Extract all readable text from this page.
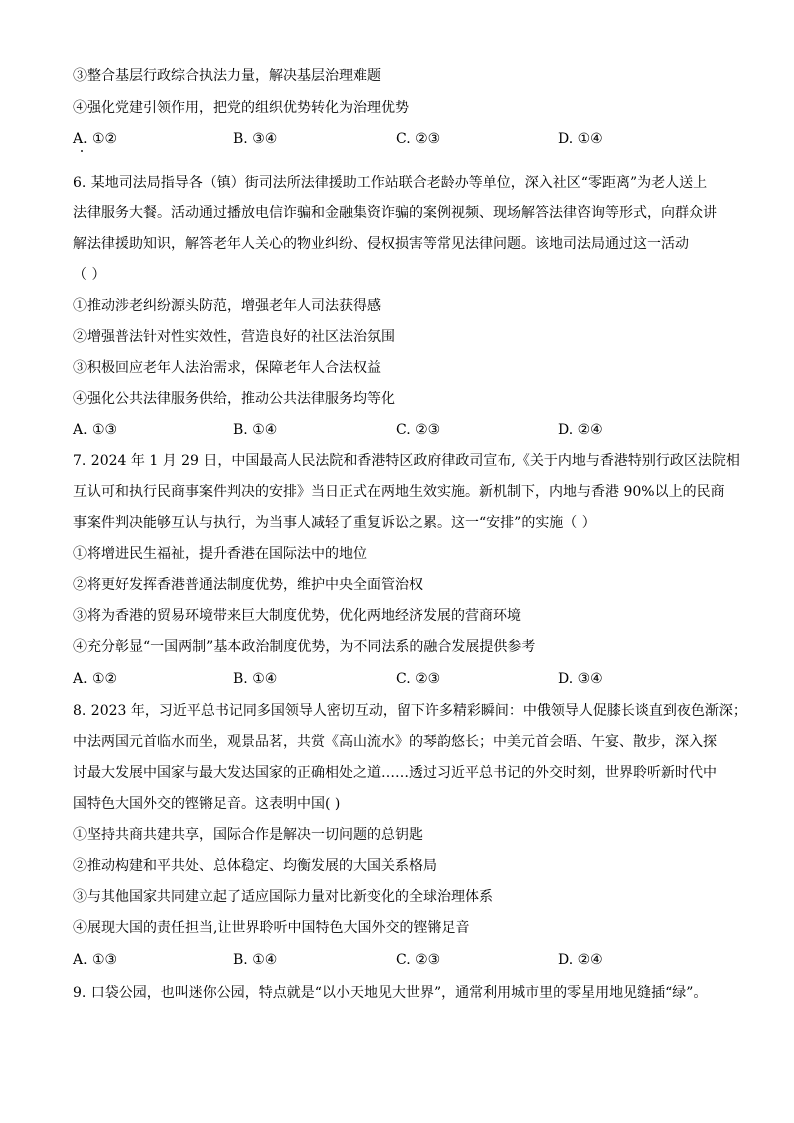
③整合基层行政综合执法力量，解决基层治理难题
④强化党建引领作用，把党的组织优势转化为治理优势
A. ①②	B. ③④	C. ②③	D. ①④
6. 某地司法局指导各（镇）街司法所法律援助工作站联合老龄办等单位，深入社区“零距离”为老人送上
法律服务大餐。活动通过播放电信诈骗和金融集资诈骗的案例视频、现场解答法律咨询等形式，向群众讲
解法律援助知识，解答老年人关心的物业纠纷、侵权损害等常见法律问题。该地司法局通过这一活动
（ ）
①推动涉老纠纷源头防范，增强老年人司法获得感
②增强普法针对性实效性，营造良好的社区法治氛围
③积极回应老年人法治需求，保障老年人合法权益
④强化公共法律服务供给，推动公共法律服务均等化
A. ①③	B. ①④	C. ②③	D. ②④
7. 2024 年 1 月 29 日，中国最高人民法院和香港特区政府律政司宣布,《关于内地与香港特别行政区法院相
互认可和执行民商事案件判决的安排》当日正式在两地生效实施。新机制下，内地与香港 90%以上的民商
事案件判决能够互认与执行，为当事人减轻了重复诉讼之累。这一“安排”的实施（ ）
①将增进民生福祉，提升香港在国际法中的地位
②将更好发挥香港普通法制度优势，维护中央全面管治权
③将为香港的贸易环境带来巨大制度优势，优化两地经济发展的营商环境
④充分彰显“一国两制”基本政治制度优势，为不同法系的融合发展提供参考
A. ①②	B. ①④	C. ②③	D. ③④
8. 2023 年，习近平总书记同多国领导人密切互动，留下许多精彩瞬间：中俄领导人促膝长谈直到夜色渐深；
中法两国元首临水而坐，观景品茗，共赏《高山流水》的琴韵悠长；中美元首会晤、午宴、散步，深入探
讨最大发展中国家与最大发达国家的正确相处之道……透过习近平总书记的外交时刻，世界聆听新时代中
国特色大国外交的铿锵足音。这表明中国( )
①坚持共商共建共享，国际合作是解决一切问题的总钥匙
②推动构建和平共处、总体稳定、均衡发展的大国关系格局
③与其他国家共同建立起了适应国际力量对比新变化的全球治理体系
④展现大国的责任担当,让世界聆听中国特色大国外交的铿锵足音
A. ①③	B. ①④	C. ②③	D. ②④
9. 口袋公园，也叫迷你公园，特点就是“以小天地见大世界”，通常利用城市里的零星用地见缝插“绿”。
